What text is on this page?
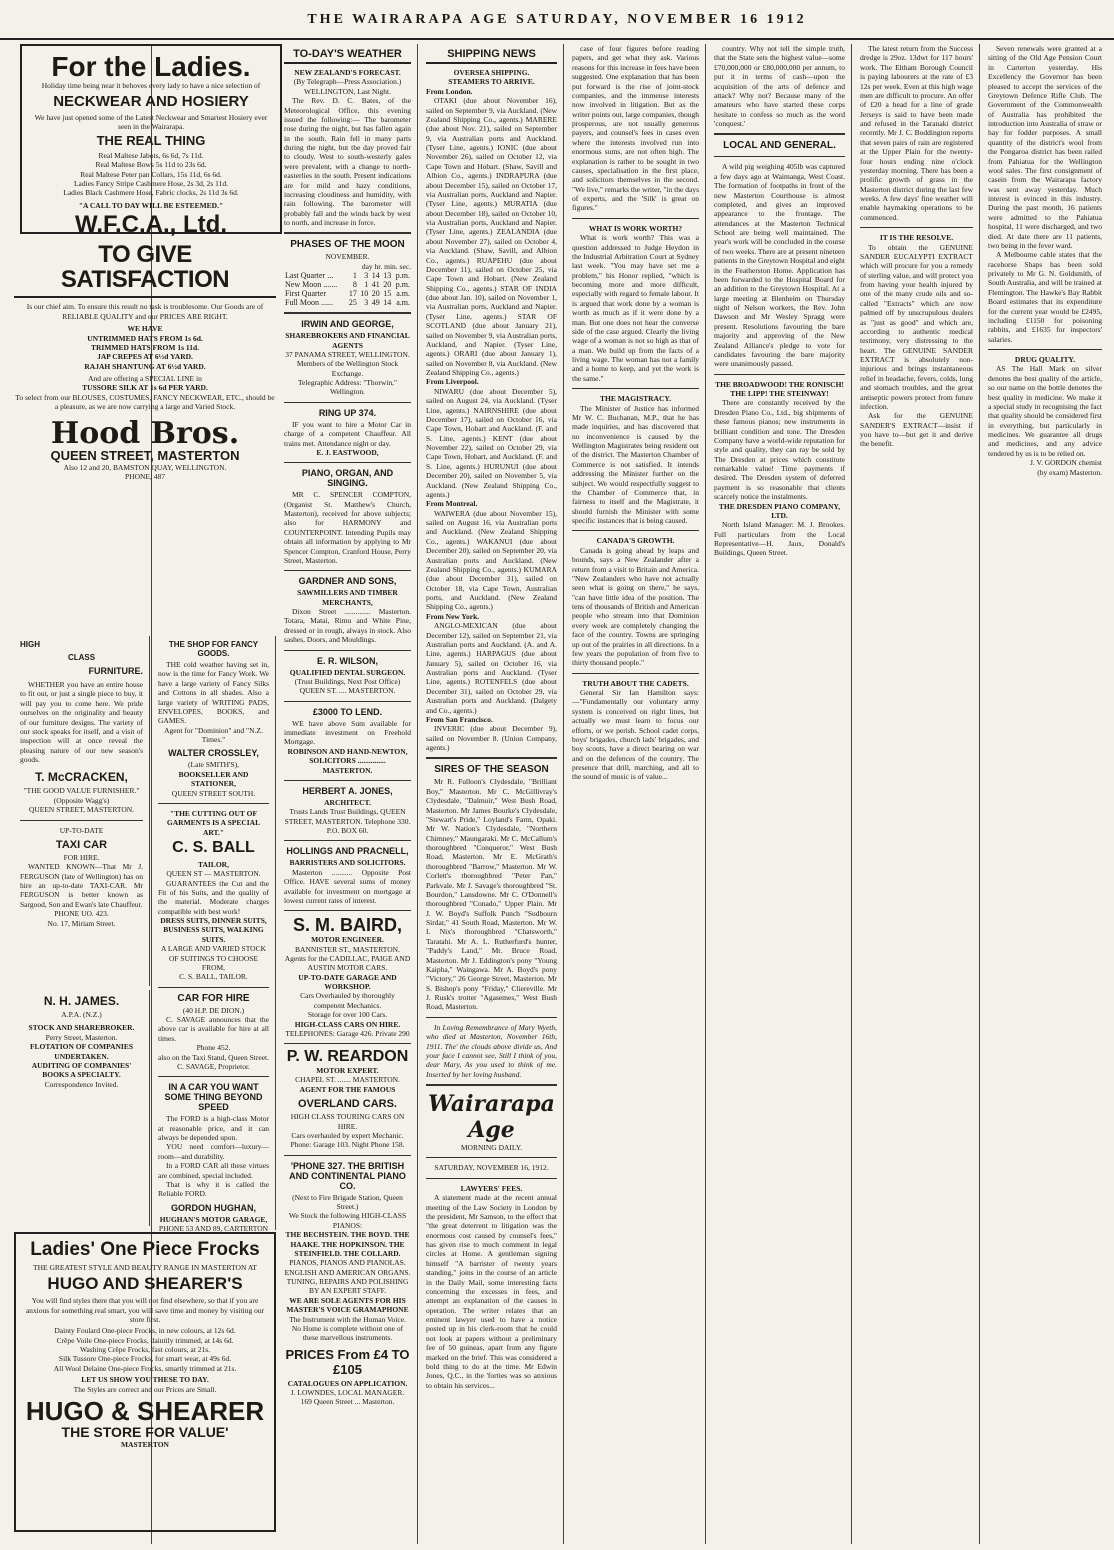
THE WAIRARAPA AGE SATURDAY, NOVEMBER 16 1912
For the Ladies.
Holiday time being near it behoves every lady to have a nice selection of
NECKWEAR AND HOSIERY
We have just opened some of the Latest Neckwear and Smartest Hosiery ever seen in the Wairarapa.
THE REAL THING
Real Maltese Jabots, 6s 6d, 7s 11d.
Real Maltese Bows 5s 11d to 23s 6d.
Real Maltese Peter pan Collars, 15s 11d, 6s 6d.
Ladies Fancy Stripe Cashmere Hose, 2s 3d, 2s 11d.
Ladies Black Cashmere Hose, Fabric clocks, 2s 11d 3s 6d.
"A CALL TO DAY WILL BE ESTEEMED."
W.F.C.A., Ltd.
TO GIVE SATISFACTION
Is our chief aim. To ensure this result no task is troublesome. Our Goods are of RELIABLE QUALITY and our PRICES ARE RIGHT.
WE HAVE
UNTRIMMED HATS FROM 1s 6d.
TRIMMED HATS FROM 1s 11d.
JAP CREPES AT 6½d YARD.
RAJAH SHANTUNG AT 6½d YARD.
And are offering a SPECIAL LINE in
TUSSORE SILK AT 1s 6d PER YARD.
To select from our BLOUSES, COSTUMES, FANCY NECKWEAR, ETC., should be a pleasure, as we are now carrying a large and Varied Stock.
Hood Bros.
QUEEN STREET, MASTERTON
Also 12 and 20, BAMSTON QUAY, WELLINGTON.
PHONE, 487
HIGH
CLASS
FURNITURE.
WHETHER you have an entire house to fit out, or just a single piece to buy, it will pay you to come here. We pride ourselves on the originality and beauty of our furniture designs. The variety of our stock speaks for itself, and a visit of inspection will at once reveal the pleasing nature of our new season's goods.
T. McCRACKEN,
"THE GOOD VALUE FURNISHER."
(Opposite Wagg's)
QUEEN STREET, MASTERTON.
UP-TO-DATE
TAXI CAR
FOR HIRE.
WANTED KNOWN—That Mr J. FERGUSON (late of Wellington) has on hire an up-to-date TAXI-CAR. Mr FERGUSON is better known as Sargood, Son and Ewan's late Chauffeur.
PHONE UO. 423.
No. 17, Miriam Street.
N. H. JAMES.
A.P.A. (N.Z.)
STOCK AND SHAREBROKER.
Perry Street, Masterton.
FLOTATION OF COMPANIES UNDERTAKEN.
AUDITING OF COMPANIES' BOOKS A SPECIALTY.
Correspondence Invited.
THE SHOP FOR FANCY GOODS.
THE cold weather having set in, now is the time for Fancy Work. We have a large variety of Fancy Silks and Cottons in all shades. Also a large variety of WRITING PADS, ENVELOPES, BOOKS, and GAMES.
Agent for "Dominion" and "N.Z. Times."
WALTER CROSSLEY,
(Late SMITH'S),
BOOKSELLER AND STATIONER,
QUEEN STREET SOUTH.
"THE CUTTING OUT OF GARMENTS IS A SPECIAL ART."
C. S. BALL
TAILOR,
QUEEN ST — MASTERTON.
GUARANTEES the Cut and the Fit of his Suits, and the quality of the material. Moderate charges compatible with best work!
DRESS SUITS, DINNER SUITS, BUSINESS SUITS, WALKING SUITS.
A LARGE AND VARIED STOCK OF SUITINGS TO CHOOSE FROM,
C. S. BALL, TAILOR.
CAR FOR HIRE
(40 H.P. DE DION.)
C. SAVAGE announces that the above car is available for hire at all times.
Phone 452.
also on the Taxi Stand, Queen Street.
C. SAVAGE, Proprietor.
IN A CAR YOU WANT SOME THING BEYOND SPEED
The FORD is a high-class Motor at reasonable price, and it can always be depended upon.
YOU need comfort—luxury—room—and durability.
In a FORD CAR all these virtues are combined, special included.
That is why it is called the Reliable FORD.
GORDON HUGHAN,
HUGHAN'S MOTOR GARAGE,
PHONE 53 AND 89, CARTERTON
Ladies' One Piece Frocks
THE GREATEST STYLE AND BEAUTY RANGE IN MASTERTON AT
HUGO AND SHEARER'S
You will find styles there that you will not find elsewhere, so that if you are anxious for something real smart, you will save time and money by visiting our store first.
Dainty Foulard One-piece Frocks, in new colours, at 12s 6d.
Crêpe Voile One-piece Frocks, daintily trimmed, at 14s 6d.
Washing Crêpe Frocks, fast colours, at 21s.
Silk Tussore One-piece Frocks, for smart wear, at 49s 6d.
All Wool Delaine One-piece Frocks, smartly trimmed at 21s.
LET US SHOW YOU THESE TO DAY.
The Styles are correct and our Prices are Small.
HUGO & SHEARER
THE STORE FOR VALUE'
MASTERTON
TO-DAY'S WEATHER
NEW ZEALAND'S FORECAST.
(By Telegraph—Press Association.)
WELLINGTON, Last Night.
The Rev. D. C. Bates, of the Meteorological Office, this evening issued the following:— The barometer rose during the night, but has fallen again in the south. Rain fell in many parts during the night, but the day proved fair to cloudy. West to south-westerly gales were prevalent, with a change to north-easterlies in the south. Present indications are for mild and hazy conditions, increasing cloudiness and humidity, with rain following. The barometer will probably fall and the winds back by west to north, and increase in force.
PHASES OF THE MOON
NOVEMBER.
day hr. min. sec.
Last Quarter ...	1	3	14	13	p.m.
New Moon .......	8	1	41	20	p.m.
First Quarter	17	10	20	15	a.m.
Full Moon ......	25	3	49	14	a.m.
IRWIN AND GEORGE,
SHAREBROKERS AND FINANCIAL AGENTS
37 PANAMA STREET, WELLINGTON.
Members of the Wellington Stock Exchange.
Telegraphic Address: "Thorwin," Wellington.
RING UP 374.
IF you want to hire a Motor Car in charge of a competent Chauffeur. All trains met. Attendance night or day.
E. J. EASTWOOD,
PIANO, ORGAN, AND SINGING.
MR C. SPENCER COMPTON, (Organist St. Matthew's Church, Masterton), received for above subjects; also for HARMONY and COUNTERPOINT. Intending Pupils may obtain all information by applying to Mr Spencer Compton, Cranford House, Perry Street, Masterton.
GARDNER AND SONS,
SAWMILLERS AND TIMBER MERCHANTS,
Dixon Street .............. Masterton. Totara, Matai, Rimu and White Pine, dressed or in rough, always in stock. Also sashes, Doors, and Mouldings.
E. R. WILSON,
QUALIFIED DENTAL SURGEON.
(Trust Buildings, Next Post Office) QUEEN ST. .... MASTERTON.
£3000 TO LEND.
WE have above Sum available for immediate investment on Freehold Mortgage.
ROBINSON AND HAND-NEWTON, SOLICITORS ............... MASTERTON.
HERBERT A. JONES,
ARCHITECT.
Trusts Lands Trust Buildings, QUEEN STREET, MASTERTON. Telephone 330. P.O. BOX 60.
HOLLINGS AND PRACNELL,
BARRISTERS AND SOLICITORS.
Masterton ........... Opposite Post Office. HAVE several sums of money available for investment on mortgage at lowest current rates of interest.
S. M. BAIRD,
MOTOR ENGINEER.
BANNISTER ST., MASTERTON. Agents for the CADILLAC, PAIGE AND AUSTIN MOTOR CARS.
UP-TO-DATE GARAGE AND WORKSHOP.
Cars Overhauled by thoroughly competent Mechanics.
Storage for over 100 Cars.
HIGH-CLASS CARS ON HIRE.
TELEPHONES: Garage 426. Private 290
P. W. REARDON
MOTOR EXPERT.
CHAPEL ST. ....... MASTERTON.
AGENT FOR THE FAMOUS
OVERLAND CARS.
HIGH CLASS TOURING CARS ON HIRE.
Cars overhauled by expert Mechanic.
Phone: Garage 103. Night Phone 158.
'PHONE 327. THE BRITISH AND CONTINENTAL PIANO CO.
(Next to Fire Brigade Station, Queen Street.)
We Stock the following HIGH-CLASS PIANOS:
THE BECHSTEIN. THE BOYD. THE HAAKE. THE HOPKINSON. THE STEINFIELD. THE COLLARD.
PIANOS, PIANOS AND PIANOLAS. ENGLISH AND AMERICAN ORGANS.
TUNING, REPAIRS AND POLISHING BY AN EXPERT STAFF.
WE ARE SOLE AGENTS FOR HIS MASTER'S VOICE GRAMAPHONE
The Instrument with the Human Voice.
No Home is complete without one of these marvellous instruments.
PRICES From £4 TO £105
CATALOGUES ON APPLICATION.
J. LOWNDES, LOCAL MANAGER.
169 Queen Street ... Masterton.
SHIPPING NEWS
OVERSEA SHIPPING.
STEAMERS TO ARRIVE.
From London.
OTAKI (due about November 16), sailed on September 9, via Auckland. (New Zealand Shipping Co., agents.) MARERE (due about Nov. 21), sailed on September 9, via Australian ports and Auckland. (Tyser Line, agents.) IONIC (due about November 26), sailed on October 12, via Cape Town and Hobart. (Shaw, Savill and Albion Co., agents.) INDRAPURA (due about December 15), sailed on October 17, via Australian ports, Auckland and Napier. (Tyser Line, agents.) MURATIA (due about December 18), sailed on October 10, via Australian ports, Auckland and Napier. (Tyser Line, agents.) ZEALANDIA (due about November 27), sailed on October 4, via Auckland. (Shaw, Savill, and Albion Co., agents.) RUAPEHU (due about December 11), sailed on October 25, via Cape Town and Hobart. (New Zealand Shipping Co., agents.) STAR OF INDIA (due about Jan. 10), sailed on November 1, via Australian ports, Auckland and Napier. (Tyser Line, agents.) STAR OF SCOTLAND (due about January 21), sailed on November 9, via Australian ports, Auckland, and Napier. (Tyser Line, agents.) ORARI (due about January 1), sailed on November 8, via Auckland. (New Zealand Shipping Co., agents.)
From Liverpool.
NIWARU (due about December 5), sailed on August 24, via Auckland. (Tyser Line, agents.) NAIRNSHIRE (due about December 17), sailed on October 16, via Cape Town, Hobart and Auckland. (F. and S. Line, agents.) KENT (due about November 22), sailed on October 29, via Cape Town, Hobart, and Auckland. (F. and S. Line, agents.) HURUNUI (due about December 20), sailed on November 5, via Auckland. (New Zealand Shipping Co., agents.)
From Montreal.
WAIWERA (due about November 15), sailed on August 16, via Australian ports and Auckland. (New Zealand Shipping Co., agents.) WAKANUI (due about December 20), sailed on September 20, via Australian ports and Auckland. (New Zealand Shipping Co., agents.) KUMARA (due about December 31), sailed on October 18, via Cape Town, Australian ports, and Auckland. (New Zealand Shipping Co., agents.)
From New York.
ANGLO-MEXICAN (due about December 12), sailed on September 21, via Australian ports and Auckland. (A. and A. Line, agents.) HARPAGUS (due about January 5), sailed on October 16, via Australian ports and Auckland. (Tyser Line, agents.) ROTENFELS (due about December 31), sailed on October 29, via Australian ports and Auckland. (Dalgety and Co., agents.)
From San Francisco.
INVERIC (due about December 9), sailed on November 8. (Union Company, agents.)
SIRES OF THE SEASON
Mr R. Fulloon's Clydesdale, "Brilliant Boy," Masterton. Mr C. McGillivray's Clydesdale, "Dalmuir," West Bush Road, Masterton. Mr James Bourke's Clydesdale, "Stewart's Pride," Loyland's Farm, Opaki. Mr W. Nation's Clydesdale, "Northern Chimney," Maungaraki. Mr C. McCallum's thoroughbred "Conqueror," West Bush Road, Masterton. Mr E. McGrath's thoroughbred "Barrow," Masterton. Mr W. Corlett's thoroughbred "Peter Pan," Parkvale. Mr J. Savage's thoroughbred "St. Bourdon," Lansdowne. Mr C. O'Donnell's thoroughbred "Conado," Upper Plain. Mr J. W. Boyd's Suffolk Punch "Sudbourn Sirdar," 41 South Road, Masterton. Mr W. I. Nix's thoroughbred "Chatsworth," Taratahi. Mr A. L. Rutherfurd's hunter, "Paddy's Land," Mt. Bruce Road, Masterton. Mr J. Eddington's pony "Young Kaipha," Waingawa. Mr A. Boyd's pony "Victory," 26 George Street, Masterton. Mr S. Bishop's pony "Friday," Cliereville. Mr J. Rusk's trotter "Agasemes," West Bush Road, Masterton.
In Loving Remembrance of Mary Wyeth, who died at Masterton, November 16th, 1911. The' the clouds above divide us, And your face I cannot see, Still I think of you, dear Mary, As you used to think of me. Inserted by her loving husband.
Wairarapa Age
MORNING DAILY.
SATURDAY, NOVEMBER 16, 1912.
LAWYERS' FEES.
A statement made at the recent annual meeting of the Law Society in London by the president, Mr Samson, to the effect that "the great deterrent to litigation was the enormous cost caused by counsel's fees," has given rise to much comment in legal circles at Home. A gentleman signing himself "A barrister of twenty years standing," joins in the course of an article in the Daily Mail, some interesting facts concerning the excesses in fees, and attempt an explanation of the causes in operation. The writer relates that an eminent lawyer used to have a notice posted up in his clerk-room that he could not look at papers without a preliminary fee of 50 guineas, apart from any figure marked on the brief. This was considered a bold thing to do at the time. Mr Edwin Jones, Q.C., in the 'forties was so anxious to obtain his services...
case of four figures before reading papers, and get what they ask. Various reasons for this increase in fees have been suggested. One explanation that has been put forward is the rise of joint-stock companies, and the immense interests now involved in litigation. But as the writer points out, large companies, though prosperous, are not usually generous payers, and counsel's fees in cases even where the interests involved run into enormous sums, are not often high. The explanation is rather to be sought in two causes, specialisation in the first place, and solicitors themselves in the second. "We live," remarks the writer, "in the days of experts, and the 'Silk' is great on figures."
WHAT IS WORK WORTH?
What is work worth? This was a question addressed to Judge Heydon in the Industrial Arbitration Court at Sydney last week. "You may have set me a problem," his Honor replied, "which is becoming more and more difficult, especially with regard to female labour. It is argued that work done by a woman is worth as much as if it were done by a man. But one does not hear the converse side of the case argued. Clearly the living wage of a woman is not so high as that of a man. We build up from the facts of a living wage. The woman has not a family and a home to keep, and yet the work is the same."
THE MAGISTRACY.
The Minister of Justice has informed Mr W. C. Buchanan, M.P., that he has made inquiries, and has discovered that no inconvenience is caused by the Wellington Magistrates being resident out of the district. The Masterton Chamber of Commerce is not satisfied. It intends addressing the Minister further on the subject. We would respectfully suggest to the Chamber of Commerce that, in fairness to itself and the Magistrate, it should furnish the Minister with some specific instances that is being caused.
CANADA'S GROWTH.
Canada is going ahead by leaps and bounds, says a New Zealander after a return from a visit to Britain and America. "New Zealanders who have not actually seen what is going on there," he says, "can have little idea of the position. The tens of thousands of British and American people who stream into that Dominion every week are completely changing the face of the country. Towns are springing up out of the prairies in all directions. In a few years the population of from five to thirty thousand people."
TRUTH ABOUT THE CADETS.
General Sir Ian Hamilton says:—"Fundamentally our voluntary army system is conceived on right lines, but actually we must learn to focus our efforts, or we perish. School cadet corps, boys' brigades, church lads' brigades, and boy scouts, have a direct bearing on war and on the defences of the country. The presence that drill, marching, and all to the sound of music is of value...
country. Why not tell the simple truth, that the State sets the highest value—some £70,000,000 or £80,000,000 per annum, to put it in terms of cash—upon the acquisition of the arts of defence and attack? Why not? Because many of the amateurs who have started these corps hesitate to confess so much as the word 'conquest.'
LOCAL AND GENERAL.
A wild pig weighing 405lb was captured a few days ago at Waimanga, West Coast. The formation of footpaths in front of the new Masterton Courthouse is almost completed, and gives an improved appearance to the frontage. The attendances at the Masterton Technical School are being well maintained. The year's work will be concluded in the course of two weeks. There are at present nineteen patients in the Greytown Hospital and eight in the Featherston Home. Application has been forwarded to the Hospital Board for an addition to the Greytown Hospital. At a large meeting at Blenheim on Thursday night of Nelson workers, the Rev. John Dawson and Mr Wesley Spragg were present. Resolutions favouring the bare majority and approving of the New Zealand Alliance's pledge to vote for candidates favouring the bare majority were unanimously passed.
THE BROADWOOD! THE RONISCH! THE LIPP! THE STEINWAY!
There are constantly received by the Dresden Piano Co., Ltd., big shipments of these famous pianos; new instruments in brilliant condition and tone. The Dresden Company have a world-wide reputation for style and quality, they can ray be sold by The Dresden at prices which constitute remarkable value! Time payments if desired. The Dresden system of deferred payment is so reasonable that clients scarcely notice the instalments.
THE DRESDEN PIANO COMPANY, LTD.
North Island Manager: M. J. Brookes. Full particulars from the Local Representative—H. Jaux, Donald's Buildings, Queen Street.
The latest return from the Success dredge is 29oz. 13dwt for 117 hours' work. The Eltham Borough Council is paying labourers at the rate of £3 12s per week. Even at this high wage men are difficult to procure. An offer of £20 a head for a line of grade Jerseys is said to have been made and refused in the Taranaki district recently. Mr J. C. Boddington reports that seven pairs of rain are registered at the Upper Plain for the twenty-four hours ending nine o'clock yesterday morning. There has been a prolific growth of grass in the Masterton district during the last few weeks. A few days' fine weather will enable haymaking operations to be commenced.
IT IS THE RESOLVE.
To obtain the GENUINE SANDER EUCALYPTI EXTRACT which will procure for you a remedy of sterling value, and will protect you from having your health injured by one of the many crude oils and so-called "Extracts" which are now palmed off by unscrupulous dealers as "just as good" and which are, according to authentic medical testimony, very distressing to the heart. The GENUINE SANDER EXTRACT is absolutely non-injurious and brings instantaneous relief in headache, fevers, colds, lung and stomach troubles, and the great antiseptic powers protect from future infection.
Ask for the GENUINE SANDER'S EXTRACT—insist if you have to—but get it and derive the benefit.
Seven renewals were granted at a sitting of the Old Age Pension Court in Carterton yesterday. His Excellency the Governor has been pleased to accept the services of the Greytown Defence Rifle Club. The Government of the Commonwealth of Australia has prohibited the introduction into Australia of straw or hay for fodder purposes. A small quantity of the district's wool from the Pongaroa district has been railed from Pahiatua for the Wellington wool sales. The first consignment of casein from the Wairarapa factory was sent away yesterday. Much interest is evinced in this industry. During the past month, 16 patients were admitted to the Pahiatua hospital, 11 were discharged, and two died. At date there are 11 patients, two being in the fever ward.
A Melbourne cable states that the racehorse Shaps has been sold privately to Mr G. N. Goldsmith, of South Australia, and will be trained at Flemington. The Hawke's Bay Rabbit Board estimates that its expenditure for the current year would be £2495, including £1150 for poisoning rabbits, and £1635 for inspectors' salaries.
DRUG QUALITY.
AS The Hall Mark on silver denotes the best quality of the article, so our name on the bottle denotes the best quality in medicine. We make it a special study in recognising the fact that quality should be considered first in everything, but particularly in medicines. We guarantee all drugs and medicines, and any advice tendered by us is to be relied on.
J. V. GORDON chemist
(by exam) Masterton.
